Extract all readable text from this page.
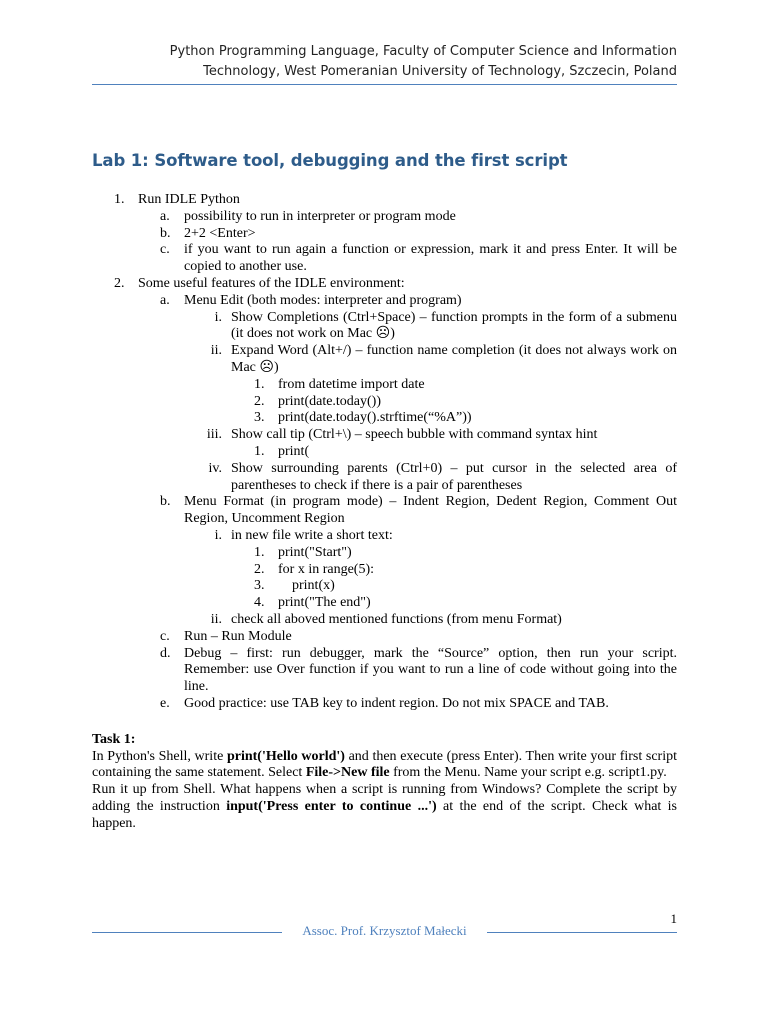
Python Programming Language, Faculty of Computer Science and Information
Technology, West Pomeranian University of Technology, Szczecin, Poland
Lab 1: Software tool, debugging and the first script
1. Run IDLE Python
a. possibility to run in interpreter or program mode
b. 2+2 <Enter>
c. if you want to run again a function or expression, mark it and press Enter. It will be copied to another use.
2. Some useful features of the IDLE environment:
a. Menu Edit (both modes: interpreter and program)
i. Show Completions (Ctrl+Space) – function prompts in the form of a submenu (it does not work on Mac ☹)
ii. Expand Word (Alt+/) – function name completion (it does not always work on Mac ☹)
1. from datetime import date
2. print(date.today())
3. print(date.today().strftime(“%A”))
iii. Show call tip (Ctrl+\) – speech bubble with command syntax hint
1. print(
iv. Show surrounding parents (Ctrl+0) – put cursor in the selected area of parentheses to check if there is a pair of parentheses
b. Menu Format (in program mode) – Indent Region, Dedent Region, Comment Out Region, Uncomment Region
i. in new file write a short text:
1. print("Start")
2. for x in range(5):
3. print(x)
4. print("The end")
ii. check all aboved mentioned functions (from menu Format)
c. Run – Run Module
d. Debug – first: run debugger, mark the “Source” option, then run your script. Remember: use Over function if you want to run a line of code without going into the line.
e. Good practice: use TAB key to indent region. Do not mix SPACE and TAB.
Task 1:
In Python's Shell, write print('Hello world') and then execute (press Enter). Then write your first script containing the same statement. Select File->New file from the Menu. Name your script e.g. script1.py.
Run it up from Shell. What happens when a script is running from Windows? Complete the script by adding the instruction input('Press enter to continue ...') at the end of the script. Check what is happen.
1
Assoc. Prof. Krzysztof Małecki
